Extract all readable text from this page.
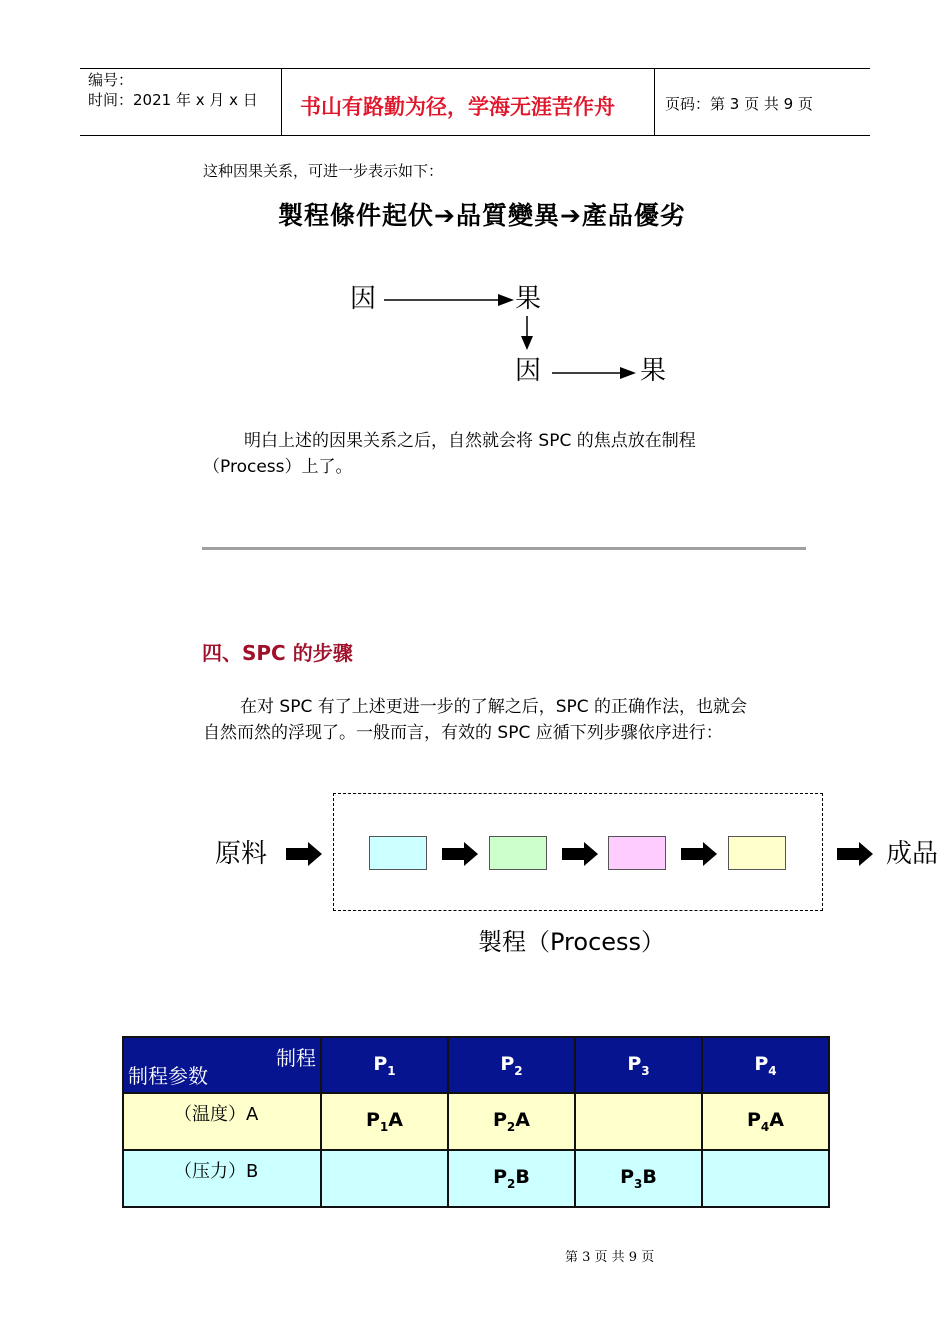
编号：
时间：2021 年 x 月 x 日 书山有路勤为径，学海无涯苦作舟	页码：第 3 页 共 9 页
这种因果关系，可进一步表示如下：
製程條件起伏➔品質變異➔產品優劣
因	果
因	果
明白上述的因果关系之后，自然就会将 SPC 的焦点放在制程
（Process）上了。
四、SPC 的步骤
在对 SPC 有了上述更进一步的了解之后，SPC 的正确作法，也就会
自然而然的浮现了。一般而言，有效的 SPC 应循下列步骤依序进行：
原料	成品
製程（Process）
制程
制程参数	$P_1$	$P_2$	$P_3$	$P_4$
（温度）A	$P_1A$	$P_2A$		$P_4A$
（压力）B		$P_2B$	$P_3B$	
第 3 页 共 9 页
